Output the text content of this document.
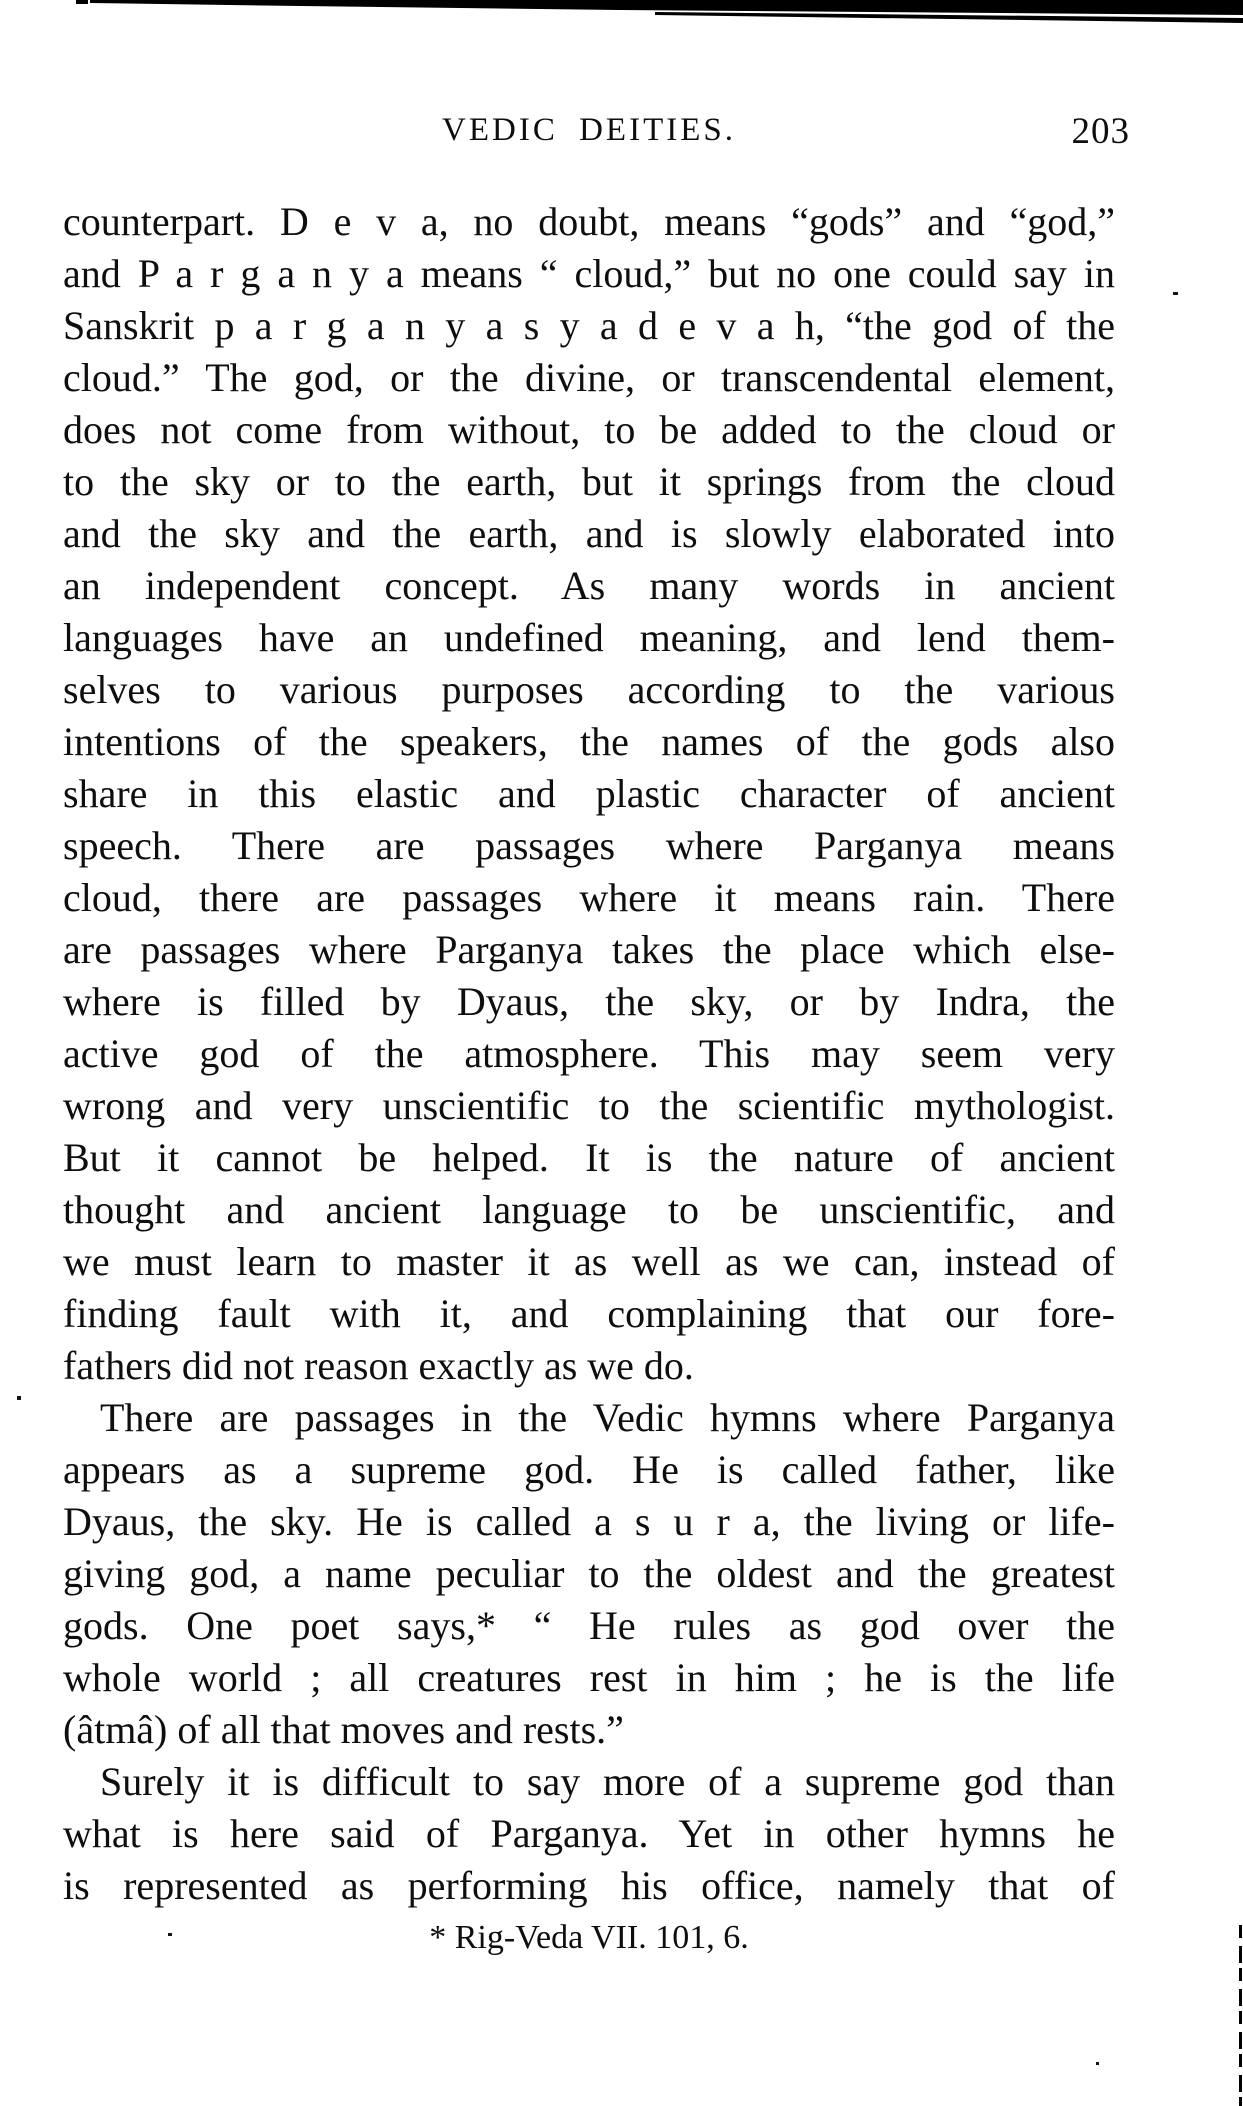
VEDIC DEITIES.	203
counterpart. D e v a, no doubt, means “gods” and “god,”
and P a r g a n y a means “ cloud,” but no one could say in
Sanskrit p a r g a n y a s y a d e v a h, “the god of the
cloud.” The god, or the divine, or transcendental element,
does not come from without, to be added to the cloud or
to the sky or to the earth, but it springs from the cloud
and the sky and the earth, and is slowly elaborated into
an independent concept. As many words in ancient
languages have an undefined meaning, and lend them-
selves to various purposes according to the various
intentions of the speakers, the names of the gods also
share in this elastic and plastic character of ancient
speech. There are passages where Parganya means
cloud, there are passages where it means rain. There
are passages where Parganya takes the place which else-
where is filled by Dyaus, the sky, or by Indra, the
active god of the atmosphere. This may seem very
wrong and very unscientific to the scientific mythologist.
But it cannot be helped. It is the nature of ancient
thought and ancient language to be unscientific, and
we must learn to master it as well as we can, instead of
finding fault with it, and complaining that our fore-
fathers did not reason exactly as we do.
There are passages in the Vedic hymns where Parganya
appears as a supreme god. He is called father, like
Dyaus, the sky. He is called a s u r a, the living or life-
giving god, a name peculiar to the oldest and the greatest
gods. One poet says,* “ He rules as god over the
whole world ; all creatures rest in him ; he is the life
(âtmâ) of all that moves and rests.”
Surely it is difficult to say more of a supreme god than
what is here said of Parganya. Yet in other hymns he
is represented as performing his office, namely that of
* Rig-Veda VII. 101, 6.
